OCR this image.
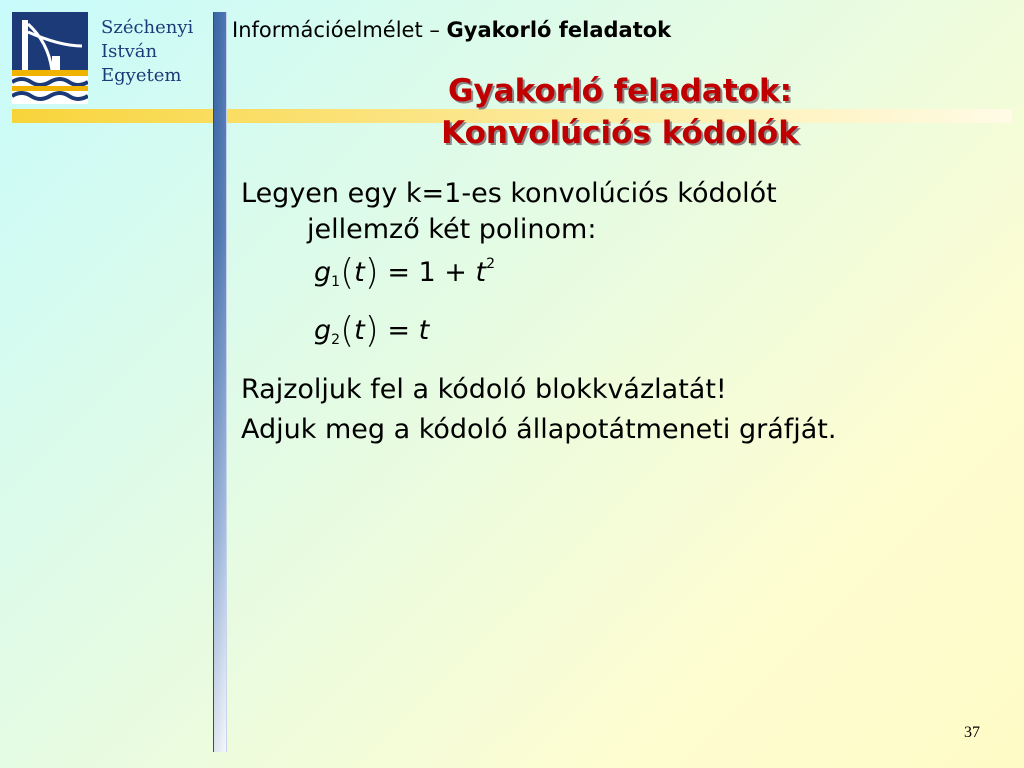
Széchenyi
István
Egyetem
Információelmélet – Gyakorló feladatok
Gyakorló feladatok:
Konvolúciós kódolók
Legyen egy k=1-es konvolúciós kódolót
jellemző két polinom:
$g_1(t) = 1 + t^2$
$g_2(t) = t$
Rajzoljuk fel a kódoló blokkvázlatát!
Adjuk meg a kódoló állapotátmeneti gráfját.
37
